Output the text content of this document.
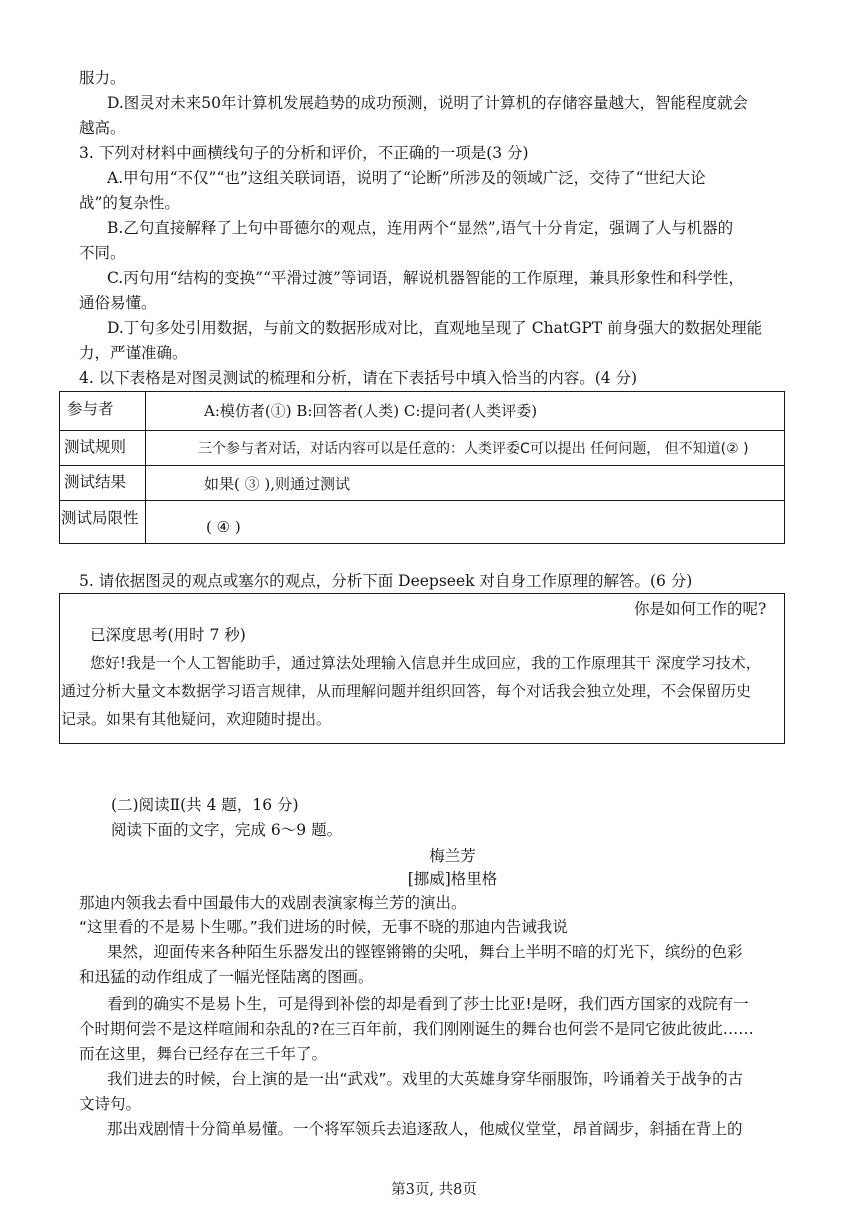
服力。
D.图灵对未来50年计算机发展趋势的成功预测，说明了计算机的存储容量越大，智能程度就会
越高。
3. 下列对材料中画横线句子的分析和评价，不正确的一项是(3 分)
A.甲句用“不仅”“也”这组关联词语，说明了“论断”所涉及的领域广泛，交待了“世纪大论
战”的复杂性。
B.乙句直接解释了上句中哥德尔的观点，连用两个“显然”,语气十分肯定，强调了人与机器的
不同。
C.丙句用“结构的变换”“平滑过渡”等词语，解说机器智能的工作原理，兼具形象性和科学性，
通俗易懂。
D.丁句多处引用数据，与前文的数据形成对比，直观地呈现了 ChatGPT 前身强大的数据处理能
力，严谨准确。
4. 以下表格是对图灵测试的梳理和分析，请在下表括号中填入恰当的内容。(4 分)
参与者	A:模仿者(①) B:回答者(人类) C:提问者(人类评委)
测试规则	三个参与者对话，对话内容可以是任意的：人类评委C可以提出 任何问题， 但不知道(② )
测试结果	如果( ③ ),则通过测试
测试局限性	( ④ )
5. 请依据图灵的观点或塞尔的观点，分析下面 Deepseek 对自身工作原理的解答。(6 分)
你是如何工作的呢?
已深度思考(用时 7 秒)
您好!我是一个人工智能助手，通过算法处理输入信息并生成回应，我的工作原理其干 深度学习技术，
通过分析大量文本数据学习语言规律，从而理解问题并组织回答，每个对话我会独立处理，不会保留历史
记录。如果有其他疑问，欢迎随时提出。
(二)阅读Ⅱ(共 4 题，16 分)
阅读下面的文字，完成 6～9 题。
梅兰芳
[挪威]格里格
那迪内领我去看中国最伟大的戏剧表演家梅兰芳的演出。
“这里看的不是易卜生哪。”我们进场的时候，无事不晓的那迪内告诫我说
果然，迎面传来各种陌生乐器发出的铿铿锵锵的尖吼，舞台上半明不暗的灯光下，缤纷的色彩
和迅猛的动作组成了一幅光怪陆离的图画。
看到的确实不是易卜生，可是得到补偿的却是看到了莎士比亚!是呀，我们西方国家的戏院有一
个时期何尝不是这样喧闹和杂乱的?在三百年前，我们刚刚诞生的舞台也何尝不是同它彼此彼此……
而在这里，舞台已经存在三千年了。
我们进去的时候，台上演的是一出“武戏”。戏里的大英雄身穿华丽服饰，吟诵着关于战争的古
文诗句。
那出戏剧情十分简单易懂。一个将军领兵去追逐敌人，他威仪堂堂，昂首阔步，斜插在背上的
第3页, 共8页
